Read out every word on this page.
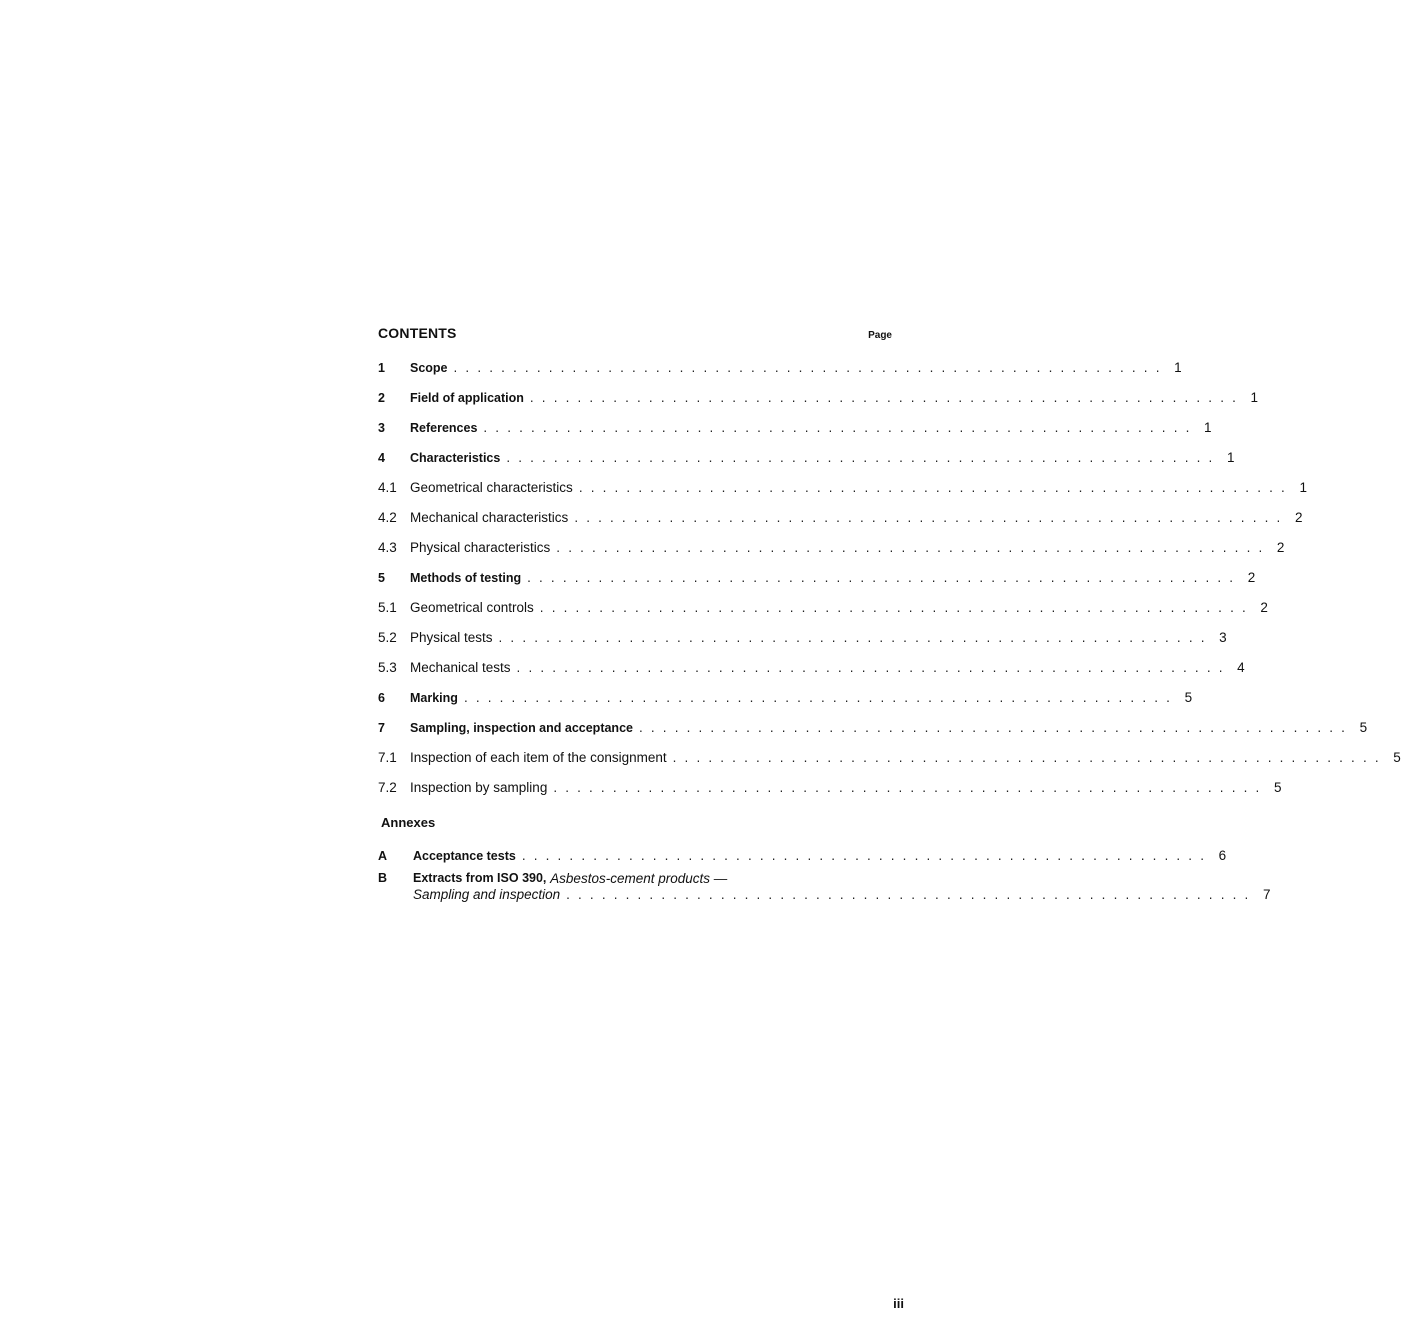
CONTENTS	Page
1	Scope . . . . . . . . . . . . . . . . . . . . . . . . . . . . . . . . . . . . . . . . . . . . . . . . . . . . . . . . . . . . 1
2	Field of application . . . . . . . . . . . . . . . . . . . . . . . . . . . . . . . . . . . . . . . . . . . . . . . . . . . . . . . . . . . . 1
3	References . . . . . . . . . . . . . . . . . . . . . . . . . . . . . . . . . . . . . . . . . . . . . . . . . . . . . . . . . . . . 1
4	Characteristics . . . . . . . . . . . . . . . . . . . . . . . . . . . . . . . . . . . . . . . . . . . . . . . . . . . . . . . . . . . . 1
4.1 Geometrical characteristics . . . . . . . . . . . . . . . . . . . . . . . . . . . . . . . . . . . . . . . . . . . . . . . . . . . . . . . . . . . . 1
4.2 Mechanical characteristics . . . . . . . . . . . . . . . . . . . . . . . . . . . . . . . . . . . . . . . . . . . . . . . . . . . . . . . . . . . . 2
4.3 Physical characteristics . . . . . . . . . . . . . . . . . . . . . . . . . . . . . . . . . . . . . . . . . . . . . . . . . . . . . . . . . . . . 2
5	Methods of testing . . . . . . . . . . . . . . . . . . . . . . . . . . . . . . . . . . . . . . . . . . . . . . . . . . . . . . . . . . . . 2
5.1 Geometrical controls . . . . . . . . . . . . . . . . . . . . . . . . . . . . . . . . . . . . . . . . . . . . . . . . . . . . . . . . . . . . 2
5.2 Physical tests . . . . . . . . . . . . . . . . . . . . . . . . . . . . . . . . . . . . . . . . . . . . . . . . . . . . . . . . . . . . 3
5.3 Mechanical tests . . . . . . . . . . . . . . . . . . . . . . . . . . . . . . . . . . . . . . . . . . . . . . . . . . . . . . . . . . . . 4
6	Marking . . . . . . . . . . . . . . . . . . . . . . . . . . . . . . . . . . . . . . . . . . . . . . . . . . . . . . . . . . . . 5
7	Sampling, inspection and acceptance . . . . . . . . . . . . . . . . . . . . . . . . . . . . . . . . . . . . . . . . . . . . . . . . . . . . . . . . . . . . 5
7.1 Inspection of each item of the consignment . . . . . . . . . . . . . . . . . . . . . . . . . . . . . . . . . . . . . . . . . . . . . . . . . . . . . . . . . . . . 5
7.2 Inspection by sampling . . . . . . . . . . . . . . . . . . . . . . . . . . . . . . . . . . . . . . . . . . . . . . . . . . . . . . . . . . . . 5
Annexes
A	Acceptance tests . . . . . . . . . . . . . . . . . . . . . . . . . . . . . . . . . . . . . . . . . . . . . . . . . . . . . . . . . . 6
B	Extracts from ISO 390,
Asbestos-cement products —
Sampling and inspection . . . . . . . . . . . . . . . . . . . . . . . . . . . . . . . . . . . . . . . . . . . . . . . . . . . . . . . . . . 7
iii
